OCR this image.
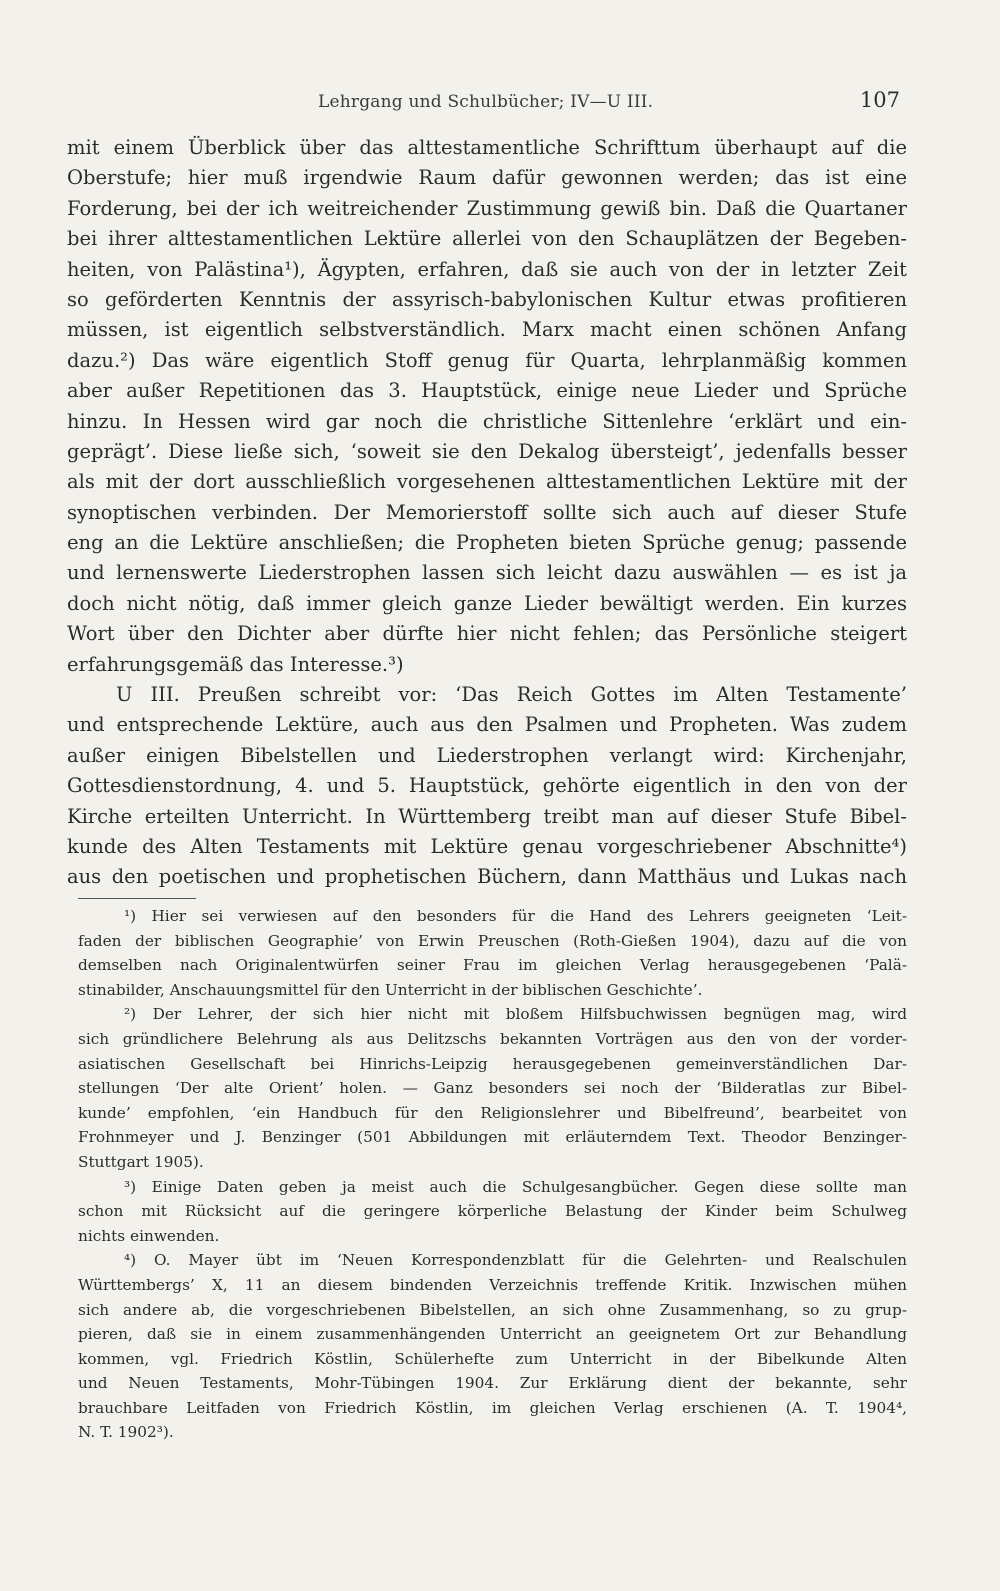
Lehrgang und Schulbücher; IV—U III.	107
mit einem Überblick über das alttestamentliche Schrifttum überhaupt auf die
Oberstufe; hier muß irgendwie Raum dafür gewonnen werden; das ist eine
Forderung, bei der ich weitreichender Zustimmung gewiß bin. Daß die Quartaner
bei ihrer alttestamentlichen Lektüre allerlei von den Schauplätzen der Begeben-
heiten, von Palästina¹), Ägypten, erfahren, daß sie auch von der in letzter Zeit
so geförderten Kenntnis der assyrisch-babylonischen Kultur etwas profitieren
müssen, ist eigentlich selbstverständlich. Marx macht einen schönen Anfang
dazu.²) Das wäre eigentlich Stoff genug für Quarta, lehrplanmäßig kommen
aber außer Repetitionen das 3. Hauptstück, einige neue Lieder und Sprüche
hinzu. In Hessen wird gar noch die christliche Sittenlehre ʻerklärt und ein-
geprägt’. Diese ließe sich, ʻsoweit sie den Dekalog übersteigt’, jedenfalls besser
als mit der dort ausschließlich vorgesehenen alttestamentlichen Lektüre mit der
synoptischen verbinden. Der Memorierstoff sollte sich auch auf dieser Stufe
eng an die Lektüre anschließen; die Propheten bieten Sprüche genug; passende
und lernenswerte Liederstrophen lassen sich leicht dazu auswählen — es ist ja
doch nicht nötig, daß immer gleich ganze Lieder bewältigt werden. Ein kurzes
Wort über den Dichter aber dürfte hier nicht fehlen; das Persönliche steigert
erfahrungsgemäß das Interesse.³)
U III. Preußen schreibt vor: ʻDas Reich Gottes im Alten Testamente’
und entsprechende Lektüre, auch aus den Psalmen und Propheten. Was zudem
außer einigen Bibelstellen und Liederstrophen verlangt wird: Kirchenjahr,
Gottesdienstordnung, 4. und 5. Hauptstück, gehörte eigentlich in den von der
Kirche erteilten Unterricht. In Württemberg treibt man auf dieser Stufe Bibel-
kunde des Alten Testaments mit Lektüre genau vorgeschriebener Abschnitte⁴)
aus den poetischen und prophetischen Büchern, dann Matthäus und Lukas nach
¹) Hier sei verwiesen auf den besonders für die Hand des Lehrers geeigneten ʻLeit-
faden der biblischen Geographie’ von Erwin Preuschen (Roth-Gießen 1904), dazu auf die von
demselben nach Originalentwürfen seiner Frau im gleichen Verlag herausgegebenen ʻPalä-
stinabilder, Anschauungsmittel für den Unterricht in der biblischen Geschichte’.
²) Der Lehrer, der sich hier nicht mit bloßem Hilfsbuchwissen begnügen mag, wird
sich gründlichere Belehrung als aus Delitzschs bekannten Vorträgen aus den von der vorder-
asiatischen Gesellschaft bei Hinrichs-Leipzig herausgegebenen gemeinverständlichen Dar-
stellungen ʻDer alte Orient’ holen. — Ganz besonders sei noch der ʻBilderatlas zur Bibel-
kunde’ empfohlen, ʻein Handbuch für den Religionslehrer und Bibelfreund’, bearbeitet von
Frohnmeyer und J. Benzinger (501 Abbildungen mit erläuterndem Text. Theodor Benzinger-
Stuttgart 1905).
³) Einige Daten geben ja meist auch die Schulgesangbücher. Gegen diese sollte man
schon mit Rücksicht auf die geringere körperliche Belastung der Kinder beim Schulweg
nichts einwenden.
⁴) O. Mayer übt im ʻNeuen Korrespondenzblatt für die Gelehrten- und Realschulen
Württembergs’ X, 11 an diesem bindenden Verzeichnis treffende Kritik. Inzwischen mühen
sich andere ab, die vorgeschriebenen Bibelstellen, an sich ohne Zusammenhang, so zu grup-
pieren, daß sie in einem zusammenhängenden Unterricht an geeignetem Ort zur Behandlung
kommen, vgl. Friedrich Köstlin, Schülerhefte zum Unterricht in der Bibelkunde Alten
und Neuen Testaments, Mohr-Tübingen 1904. Zur Erklärung dient der bekannte, sehr
brauchbare Leitfaden von Friedrich Köstlin, im gleichen Verlag erschienen (A. T. 1904⁴,
N. T. 1902³).
